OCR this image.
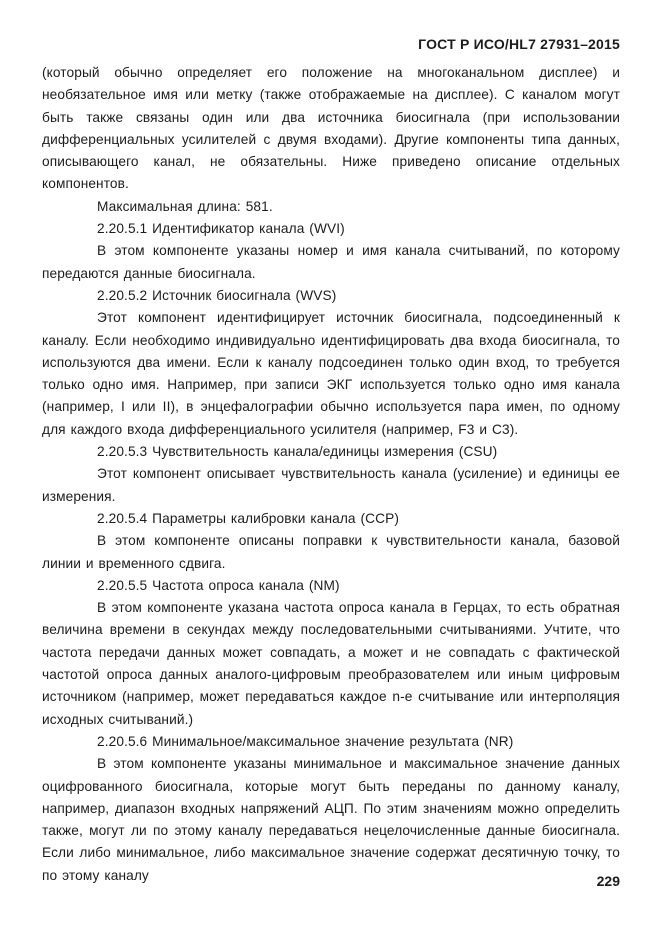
ГОСТ Р ИСО/HL7 27931–2015

(который обычно определяет его положение на многоканальном дисплее) и необязательное имя или метку (также отображаемые на дисплее). С каналом могут быть также связаны один или два источника биосигнала (при использовании дифференциальных усилителей с двумя входами). Другие компоненты типа данных, описывающего канал, не обязательны. Ниже приведено описание отдельных компонентов.

Максимальная длина: 581.

2.20.5.1 Идентификатор канала (WVI)

В этом компоненте указаны номер и имя канала считываний, по которому передаются данные биосигнала.

2.20.5.2 Источник биосигнала (WVS)

Этот компонент идентифицирует источник биосигнала, подсоединенный к каналу. Если необходимо индивидуально идентифицировать два входа биосигнала, то используются два имени. Если к каналу подсоединен только один вход, то требуется только одно имя. Например, при записи ЭКГ используется только одно имя канала (например, I или II), в энцефалографии обычно используется пара имен, по одному для каждого входа дифференциального усилителя (например, F3 и C3).

2.20.5.3 Чувствительность канала/единицы измерения (CSU)

Этот компонент описывает чувствительность канала (усиление) и единицы ее измерения.

2.20.5.4 Параметры калибровки канала (CCP)

В этом компоненте описаны поправки к чувствительности канала, базовой линии и временного сдвига.

2.20.5.5 Частота опроса канала (NM)

В этом компоненте указана частота опроса канала в Герцах, то есть обратная величина времени в секундах между последовательными считываниями. Учтите, что частота передачи данных может совпадать, а может и не совпадать с фактической частотой опроса данных аналого-цифровым преобразователем или иным цифровым источником (например, может передаваться каждое n-е считывание или интерполяция исходных считываний.)

2.20.5.6 Минимальное/максимальное значение результата (NR)

В этом компоненте указаны минимальное и максимальное значение данных оцифрованного биосигнала, которые могут быть переданы по данному каналу, например, диапазон входных напряжений АЦП. По этим значениям можно определить также, могут ли по этому каналу передаваться нецелочисленные данные биосигнала. Если либо минимальное, либо максимальное значение содержат десятичную точку, то по этому каналу	229
